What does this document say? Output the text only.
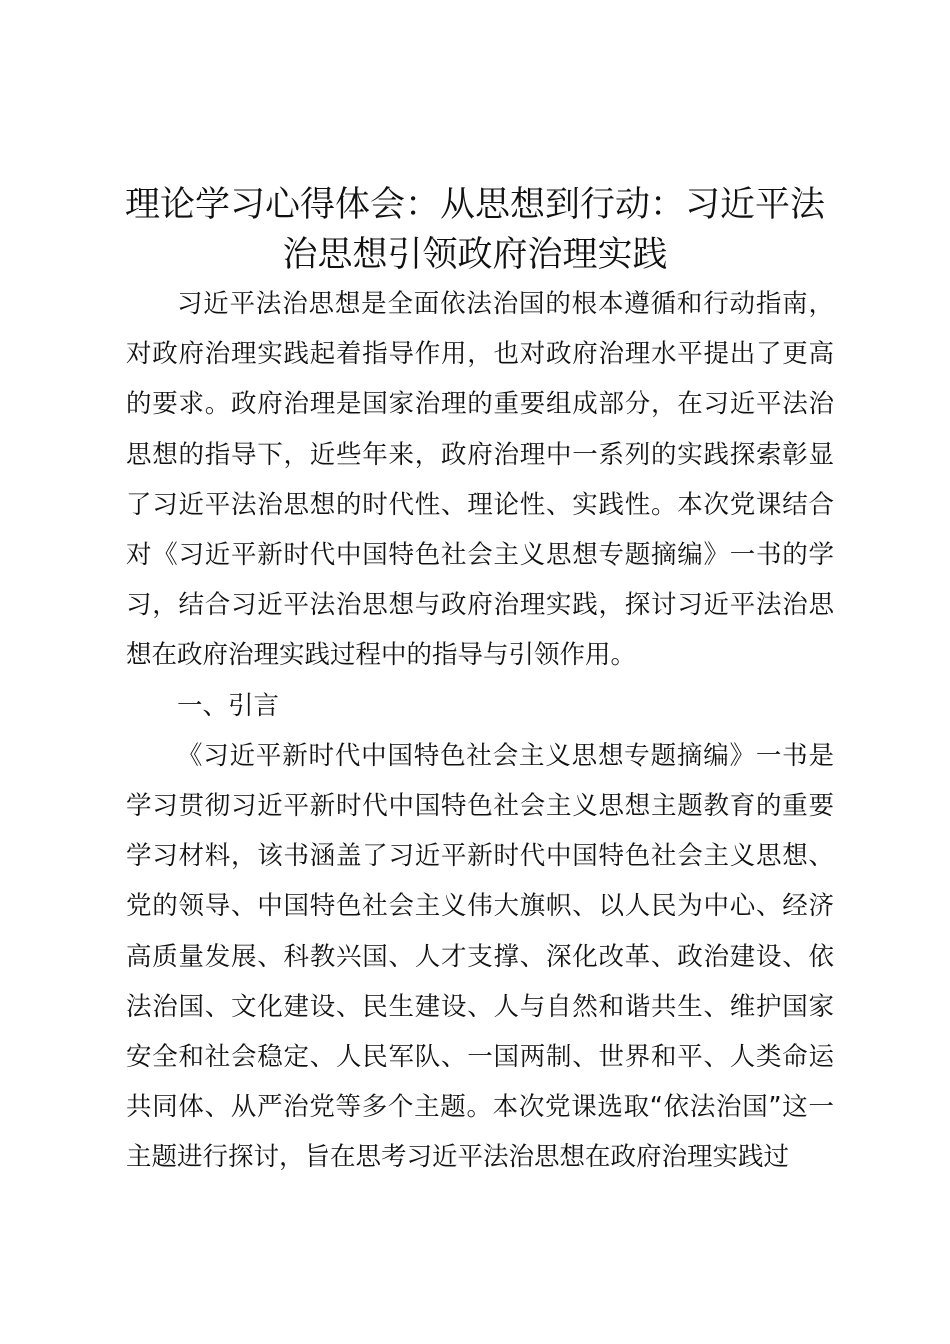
理论学习心得体会：从思想到行动：习近平法
治思想引领政府治理实践

习近平法治思想是全面依法治国的根本遵循和行动指南，对政府治理实践起着指导作用，也对政府治理水平提出了更高的要求。政府治理是国家治理的重要组成部分，在习近平法治思想的指导下，近些年来，政府治理中一系列的实践探索彰显了习近平法治思想的时代性、理论性、实践性。本次党课结合对《习近平新时代中国特色社会主义思想专题摘编》一书的学习，结合习近平法治思想与政府治理实践，探讨习近平法治思想在政府治理实践过程中的指导与引领作用。

一、引言

《习近平新时代中国特色社会主义思想专题摘编》一书是学习贯彻习近平新时代中国特色社会主义思想主题教育的重要学习材料，该书涵盖了习近平新时代中国特色社会主义思想、党的领导、中国特色社会主义伟大旗帜、以人民为中心、经济高质量发展、科教兴国、人才支撑、深化改革、政治建设、依法治国、文化建设、民生建设、人与自然和谐共生、维护国家安全和社会稳定、人民军队、一国两制、世界和平、人类命运共同体、从严治党等多个主题。本次党课选取“依法治国”这一主题进行探讨，旨在思考习近平法治思想在政府治理实践过
